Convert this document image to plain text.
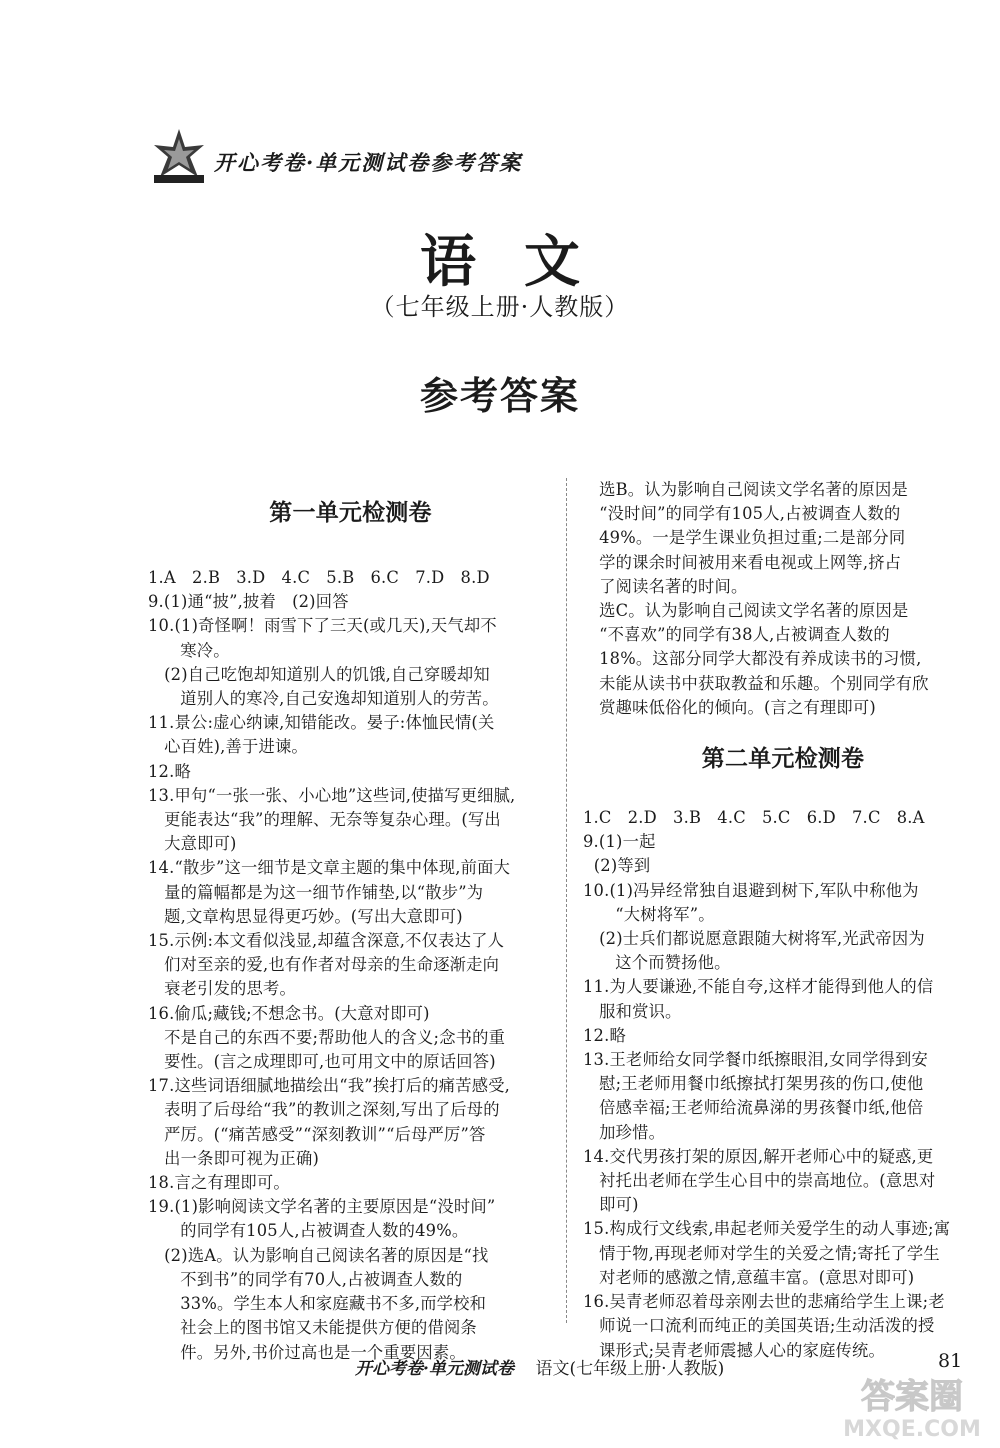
开心考卷·单元测试卷参考答案
语文
（七年级上册·人教版）
参考答案
第一单元检测卷
1.A   2.B   3.D   4.C   5.B   6.C   7.D   8.D
9.(1)通“披”,披着   (2)回答
10.(1)奇怪啊！雨雪下了三天(或几天),天气却不
寒冷。
(2)自己吃饱却知道别人的饥饿,自己穿暖却知
道别人的寒冷,自己安逸却知道别人的劳苦。
11.景公:虚心纳谏,知错能改。晏子:体恤民情(关
心百姓),善于进谏。
12.略
13.甲句“一张一张、小心地”这些词,使描写更细腻,
更能表达“我”的理解、无奈等复杂心理。(写出
大意即可)
14.“散步”这一细节是文章主题的集中体现,前面大
量的篇幅都是为这一细节作铺垫,以“散步”为
题,文章构思显得更巧妙。(写出大意即可)
15.示例:本文看似浅显,却蕴含深意,不仅表达了人
们对至亲的爱,也有作者对母亲的生命逐渐走向
衰老引发的思考。
16.偷瓜;藏钱;不想念书。(大意对即可)
不是自己的东西不要;帮助他人的含义;念书的重
要性。(言之成理即可,也可用文中的原话回答)
17.这些词语细腻地描绘出“我”挨打后的痛苦感受,
表明了后母给“我”的教训之深刻,写出了后母的
严厉。(“痛苦感受”“深刻教训”“后母严厉”答
出一条即可视为正确)
18.言之有理即可。
19.(1)影响阅读文学名著的主要原因是“没时间”
的同学有105人,占被调查人数的49%。
(2)选A。认为影响自己阅读名著的原因是“找
不到书”的同学有70人,占被调查人数的
33%。学生本人和家庭藏书不多,而学校和
社会上的图书馆又未能提供方便的借阅条
件。另外,书价过高也是一个重要因素。
选B。认为影响自己阅读文学名著的原因是
“没时间”的同学有105人,占被调查人数的
49%。一是学生课业负担过重;二是部分同
学的课余时间被用来看电视或上网等,挤占
了阅读名著的时间。
选C。认为影响自己阅读文学名著的原因是
“不喜欢”的同学有38人,占被调查人数的
18%。这部分同学大都没有养成读书的习惯,
未能从读书中获取教益和乐趣。个别同学有欣
赏趣味低俗化的倾向。(言之有理即可)
第二单元检测卷
1.C   2.D   3.B   4.C   5.C   6.D   7.C   8.A
9.(1)一起
(2)等到
10.(1)冯异经常独自退避到树下,军队中称他为
“大树将军”。
(2)士兵们都说愿意跟随大树将军,光武帝因为
这个而赞扬他。
11.为人要谦逊,不能自夸,这样才能得到他人的信
服和赏识。
12.略
13.王老师给女同学餐巾纸擦眼泪,女同学得到安
慰;王老师用餐巾纸擦拭打架男孩的伤口,使他
倍感幸福;王老师给流鼻涕的男孩餐巾纸,他倍
加珍惜。
14.交代男孩打架的原因,解开老师心中的疑惑,更
衬托出老师在学生心目中的崇高地位。(意思对
即可)
15.构成行文线索,串起老师关爱学生的动人事迹;寓
情于物,再现老师对学生的关爱之情;寄托了学生
对老师的感激之情,意蕴丰富。(意思对即可)
16.吴青老师忍着母亲刚去世的悲痛给学生上课;老
师说一口流利而纯正的美国英语;生动活泼的授
课形式;吴青老师震撼人心的家庭传统。
开心考卷·单元测试卷 语文(七年级上册·人教版)	81
答案圈
MXQE.COM
